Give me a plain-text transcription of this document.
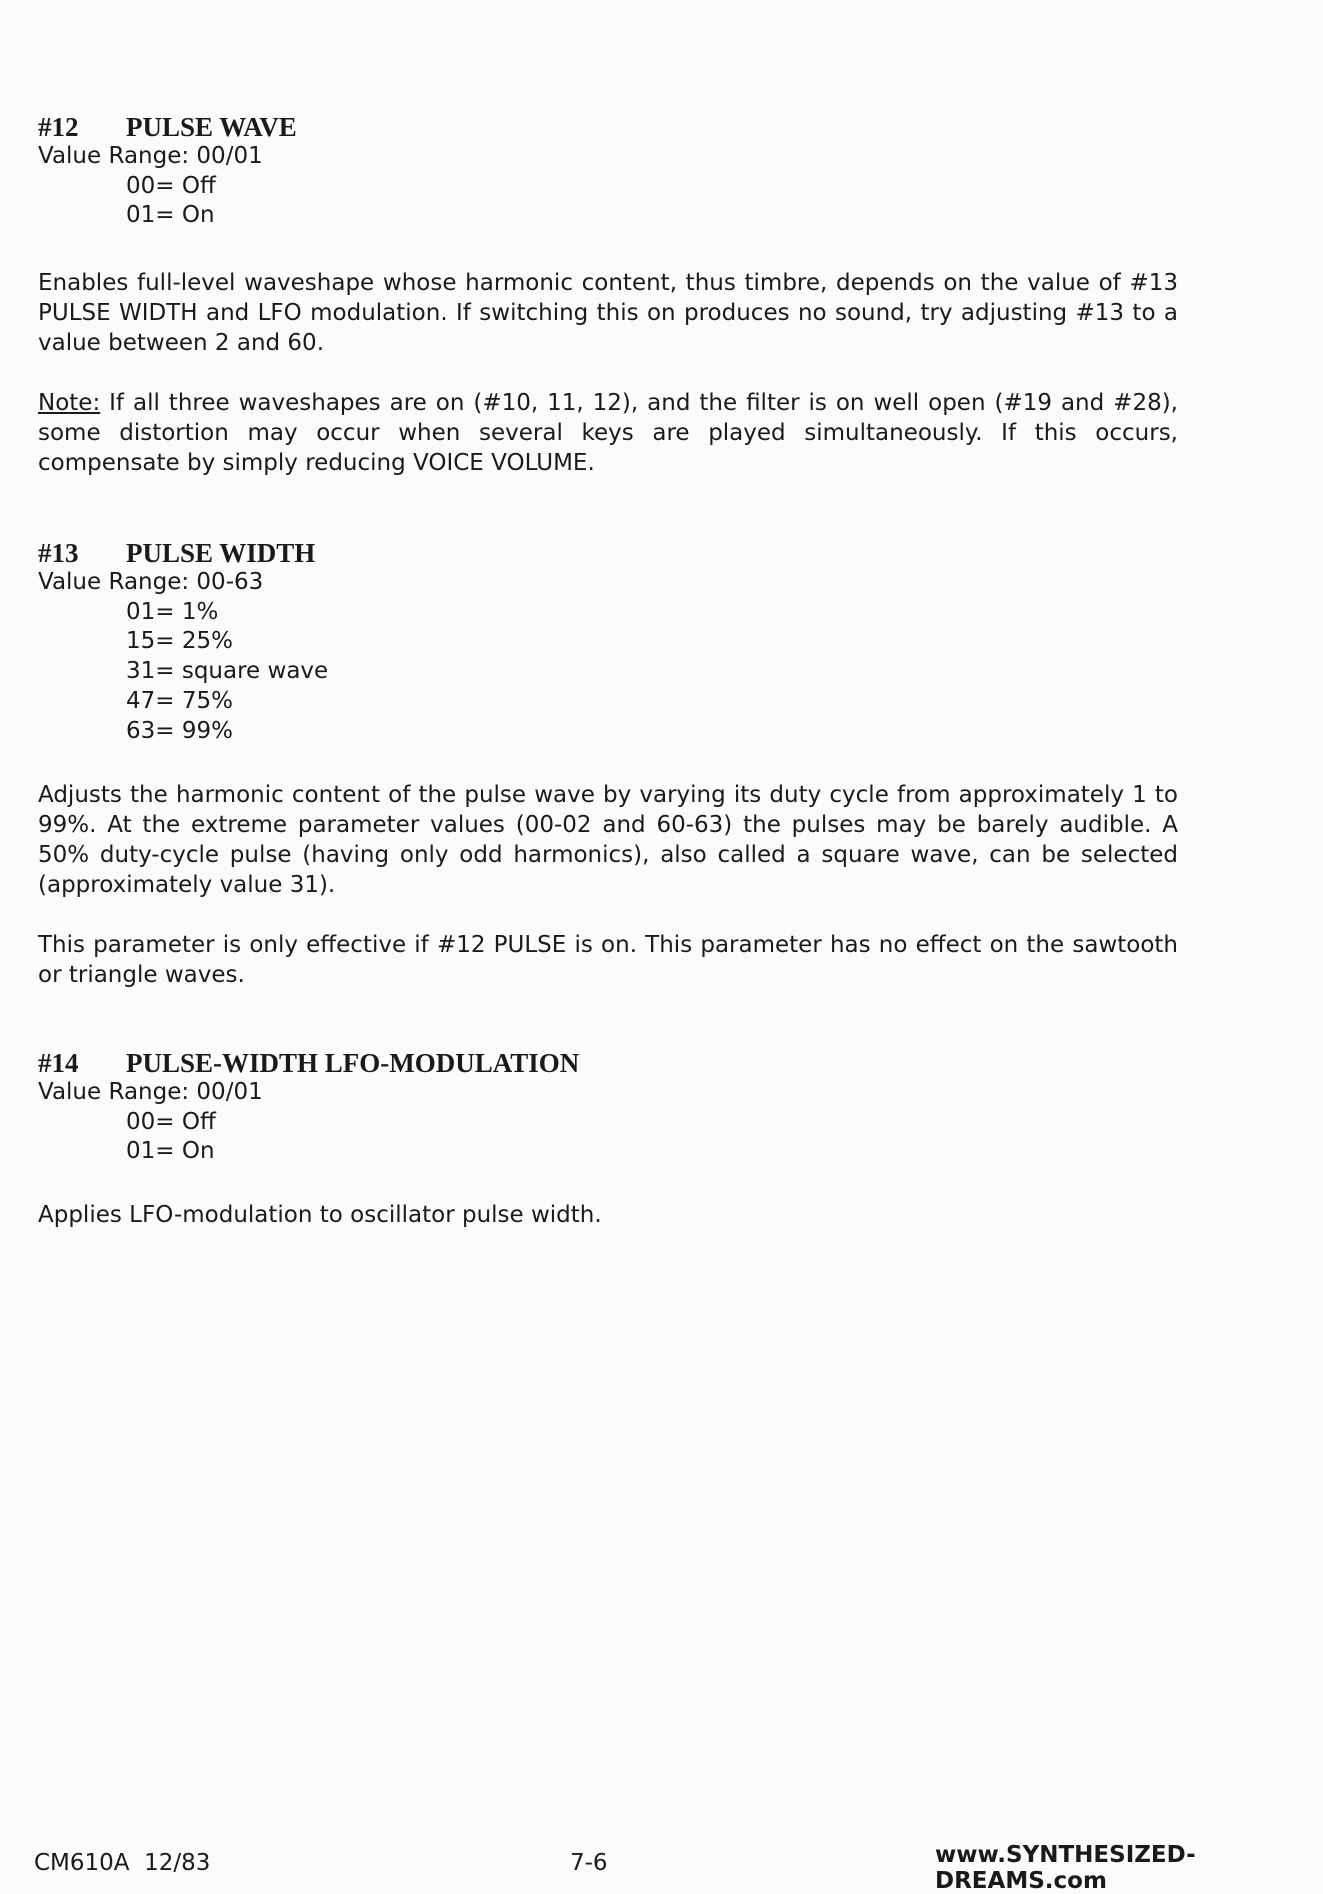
#12	PULSE WAVE
Value Range: 00/01
00= Off
01= On

Enables full-level waveshape whose harmonic content, thus timbre, depends on the value of #13 PULSE WIDTH and LFO modulation. If switching this on produces no sound, try adjusting #13 to a value between 2 and 60.

Note: If all three waveshapes are on (#10, 11, 12), and the filter is on well open (#19 and #28), some distortion may occur when several keys are played simultaneously. If this occurs, compensate by simply reducing VOICE VOLUME.

#13	PULSE WIDTH
Value Range: 00-63
01= 1%
15= 25%
31= square wave
47= 75%
63= 99%

Adjusts the harmonic content of the pulse wave by varying its duty cycle from approximately 1 to 99%. At the extreme parameter values (00-02 and 60-63) the pulses may be barely audible. A 50% duty-cycle pulse (having only odd harmonics), also called a square wave, can be selected (approximately value 31).

This parameter is only effective if #12 PULSE is on. This parameter has no effect on the sawtooth or triangle waves.

#14	PULSE-WIDTH LFO-MODULATION
Value Range: 00/01
00= Off
01= On

Applies LFO-modulation to oscillator pulse width.

CM610A  12/83	7-6	www.SYNTHESIZED-DREAMS.com
